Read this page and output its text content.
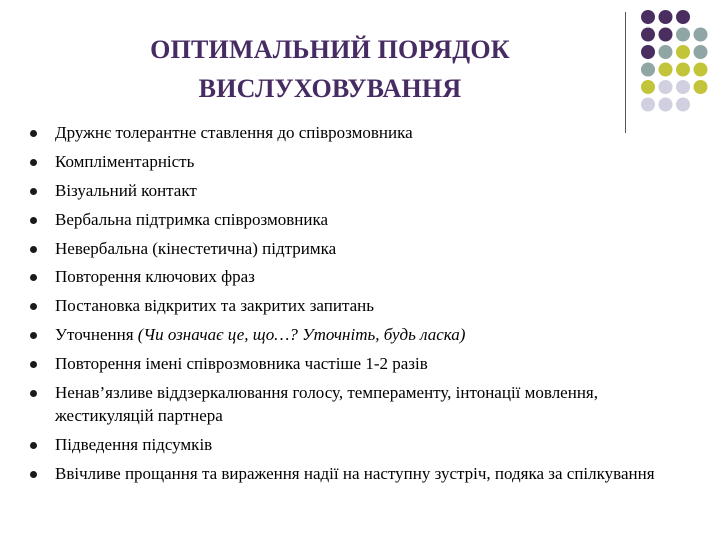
ОПТИМАЛЬНИЙ ПОРЯДОК
ВИСЛУХОВУВАННЯ
Дружнє толерантне ставлення до співрозмовника
Компліментарність
Візуальний контакт
Вербальна підтримка співрозмовника
Невербальна (кінестетична) підтримка
Повторення ключових фраз
Постановка відкритих та закритих запитань
Уточнення (Чи означає це, що…? Уточніть, будь ласка)
Повторення імені співрозмовника частіше 1-2 разів
Ненав’язливе віддзеркалювання голосу, темпераменту, інтонації мовлення, жестикуляцій партнера
Підведення підсумків
Ввічливе прощання та вираження надії на наступну зустріч, подяка за спілкування
